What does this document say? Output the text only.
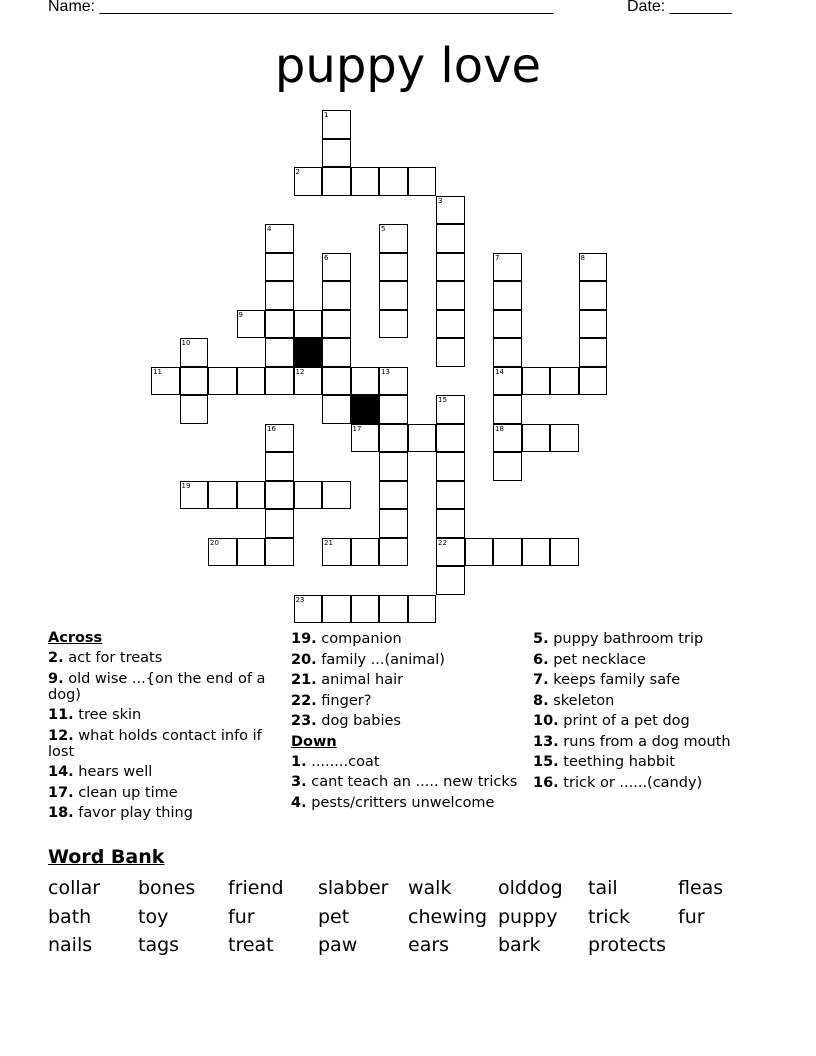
Name: ___________________________________________________	Date: _______
puppy love
1
2
3
4	5
6	7
14
18
8
9
10
11	12	13
15
22
16	17
19
20	21
23
Across
2. act for treats
9. old wise ...{on the end of a dog)
11. tree skin
12. what holds contact info if lost
14. hears well
17. clean up time
18. favor play thing
19. companion
20. family ...(animal)
21. animal hair
22. finger?
23. dog babies
Down
1. ........coat
3. cant teach an ..... new tricks
4. pests/critters unwelcome
5. puppy bathroom trip
6. pet necklace
7. keeps family safe
8. skeleton
10. print of a pet dog
13. runs from a dog mouth
15. teething habbit
16. trick or ......(candy)
Word Bank
collar bones friend slabber walk olddog tail	fleas
bath toy	fur	pet	chewing puppy trick	fur
nails tags	treat paw	ears	bark protects
